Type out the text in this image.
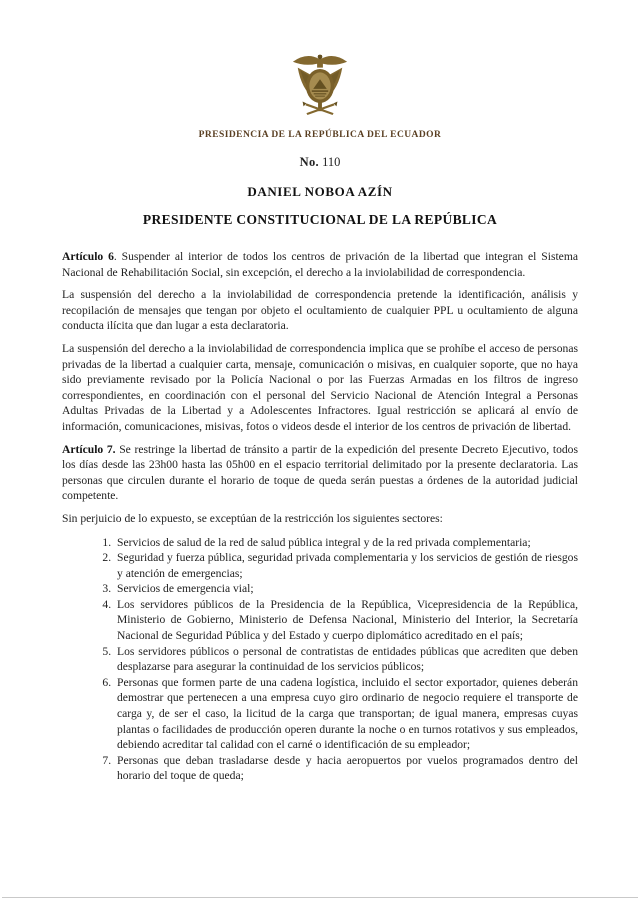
PRESIDENCIA DE LA REPÚBLICA DEL ECUADOR
No. 110
DANIEL NOBOA AZÍN
PRESIDENTE CONSTITUCIONAL DE LA REPÚBLICA

Artículo 6. Suspender al interior de todos los centros de privación de la libertad que integran el Sistema Nacional de Rehabilitación Social, sin excepción, el derecho a la inviolabilidad de correspondencia.

La suspensión del derecho a la inviolabilidad de correspondencia pretende la identificación, análisis y recopilación de mensajes que tengan por objeto el ocultamiento de cualquier PPL u ocultamiento de alguna conducta ilícita que dan lugar a esta declaratoria.

La suspensión del derecho a la inviolabilidad de correspondencia implica que se prohíbe el acceso de personas privadas de la libertad a cualquier carta, mensaje, comunicación o misivas, en cualquier soporte, que no haya sido previamente revisado por la Policía Nacional o por las Fuerzas Armadas en los filtros de ingreso correspondientes, en coordinación con el personal del Servicio Nacional de Atención Integral a Personas Adultas Privadas de la Libertad y a Adolescentes Infractores. Igual restricción se aplicará al envío de información, comunicaciones, misivas, fotos o videos desde el interior de los centros de privación de libertad.

Artículo 7. Se restringe la libertad de tránsito a partir de la expedición del presente Decreto Ejecutivo, todos los días desde las 23h00 hasta las 05h00 en el espacio territorial delimitado por la presente declaratoria. Las personas que circulen durante el horario de toque de queda serán puestas a órdenes de la autoridad judicial competente.

Sin perjuicio de lo expuesto, se exceptúan de la restricción los siguientes sectores:

1. Servicios de salud de la red de salud pública integral y de la red privada complementaria;
2. Seguridad y fuerza pública, seguridad privada complementaria y los servicios de gestión de riesgos y atención de emergencias;
3. Servicios de emergencia vial;
4. Los servidores públicos de la Presidencia de la República, Vicepresidencia de la República, Ministerio de Gobierno, Ministerio de Defensa Nacional, Ministerio del Interior, la Secretaría Nacional de Seguridad Pública y del Estado y cuerpo diplomático acreditado en el país;
5. Los servidores públicos o personal de contratistas de entidades públicas que acrediten que deben desplazarse para asegurar la continuidad de los servicios públicos;
6. Personas que formen parte de una cadena logística, incluido el sector exportador, quienes deberán demostrar que pertenecen a una empresa cuyo giro ordinario de negocio requiere el transporte de carga y, de ser el caso, la licitud de la carga que transportan; de igual manera, empresas cuyas plantas o facilidades de producción operen durante la noche o en turnos rotativos y sus empleados, debiendo acreditar tal calidad con el carné o identificación de su empleador;
7. Personas que deban trasladarse desde y hacia aeropuertos por vuelos programados dentro del horario del toque de queda;
